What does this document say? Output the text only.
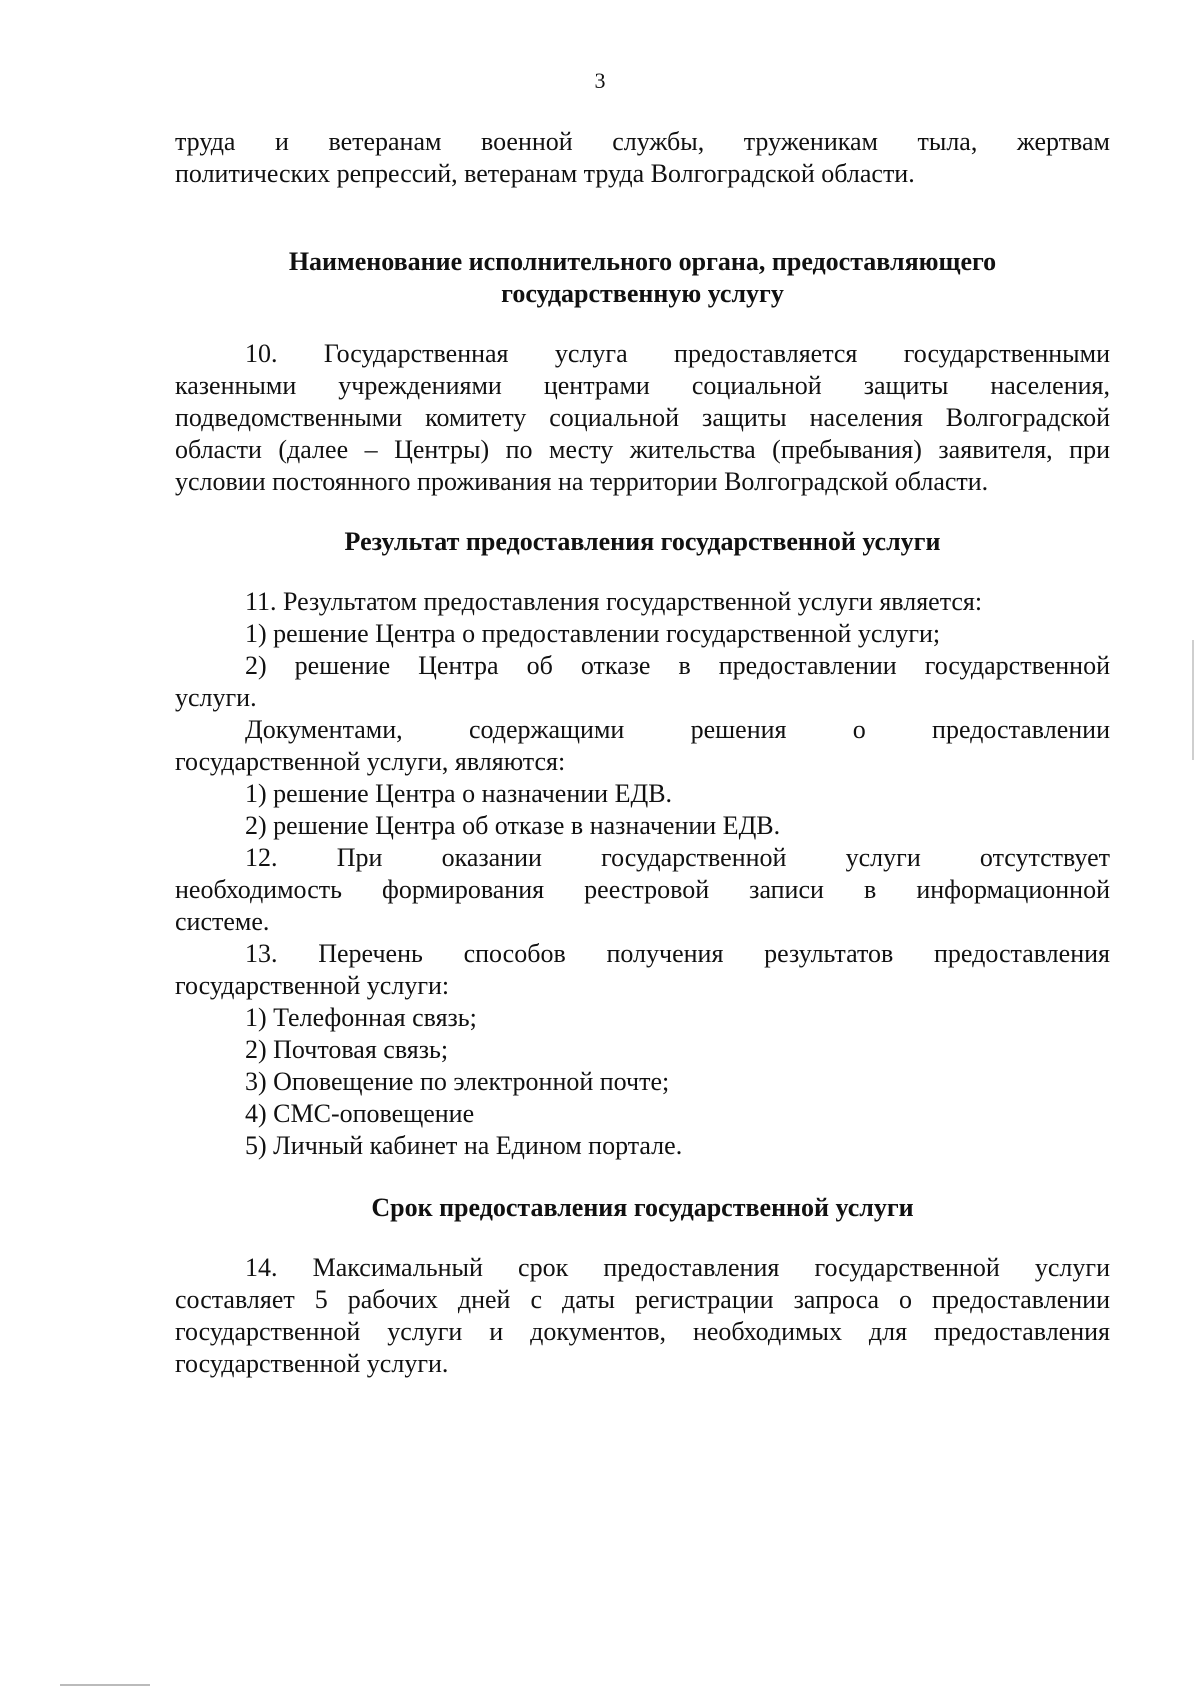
3

труда и ветеранам военной службы, труженикам тыла, жертвам

политических репрессий, ветеранам труда Волгоградской области.

Наименование исполнительного органа, предоставляющего
государственную услугу

10. Государственная услуга предоставляется государственными

казенными учреждениями центрами социальной защиты населения,

подведомственными комитету социальной защиты населения Волгоградской

области (далее – Центры) по месту жительства (пребывания) заявителя, при

условии постоянного проживания на территории Волгоградской области.

Результат предоставления государственной услуги

11. Результатом предоставления государственной услуги является:

1) решение Центра о предоставлении государственной услуги;

2) решение Центра об отказе в предоставлении государственной

услуги.

Документами, содержащими решения о предоставлении

государственной услуги, являются:

1) решение Центра о назначении ЕДВ.

2) решение Центра об отказе в назначении ЕДВ.

12. При оказании государственной услуги отсутствует

необходимость формирования реестровой записи в информационной

системе.

13. Перечень способов получения результатов предоставления

государственной услуги:

1) Телефонная связь;

2) Почтовая связь;

3) Оповещение по электронной почте;

4) СМС-оповещение

5) Личный кабинет на Едином портале.

Срок предоставления государственной услуги

14. Максимальный срок предоставления государственной услуги

составляет 5 рабочих дней с даты регистрации запроса о предоставлении

государственной услуги и документов, необходимых для предоставления

государственной услуги.
